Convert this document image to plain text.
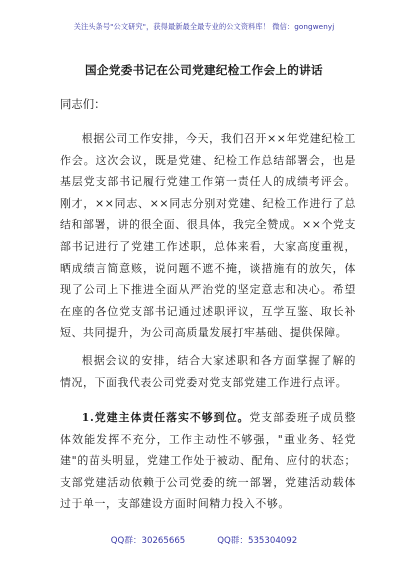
关注头条号"公文研究"，获得最新最全最专业的公文资料库！ 微信：gongwenyj
国企党委书记在公司党建纪检工作会上的讲话
同志们：
根据公司工作安排，今天，我们召开××年党建纪检工作会。这次会议，既是党建、纪检工作总结部署会，也是基层党支部书记履行党建工作第一责任人的成绩考评会。刚才，××同志、××同志分别对党建、纪检工作进行了总结和部署，讲的很全面、很具体，我完全赞成。××个党支部书记进行了党建工作述职，总体来看，大家高度重视，晒成绩言简意赅，说问题不遮不掩，谈措施有的放矢，体现了公司上下推进全面从严治党的坚定意志和决心。希望在座的各位党支部书记通过述职评议，互学互鉴、取长补短、共同提升，为公司高质量发展打牢基础、提供保障。
根据会议的安排，结合大家述职和各方面掌握了解的情况，下面我代表公司党委对党支部党建工作进行点评。
1.党建主体责任落实不够到位。党支部委班子成员整体效能发挥不充分，工作主动性不够强，"重业务、轻党建"的苗头明显，党建工作处于被动、配角、应付的状态；支部党建活动依赖于公司党委的统一部署，党建活动载体过于单一，支部建设方面时间精力投入不够。
QQ群：30265665	QQ群：535304092
